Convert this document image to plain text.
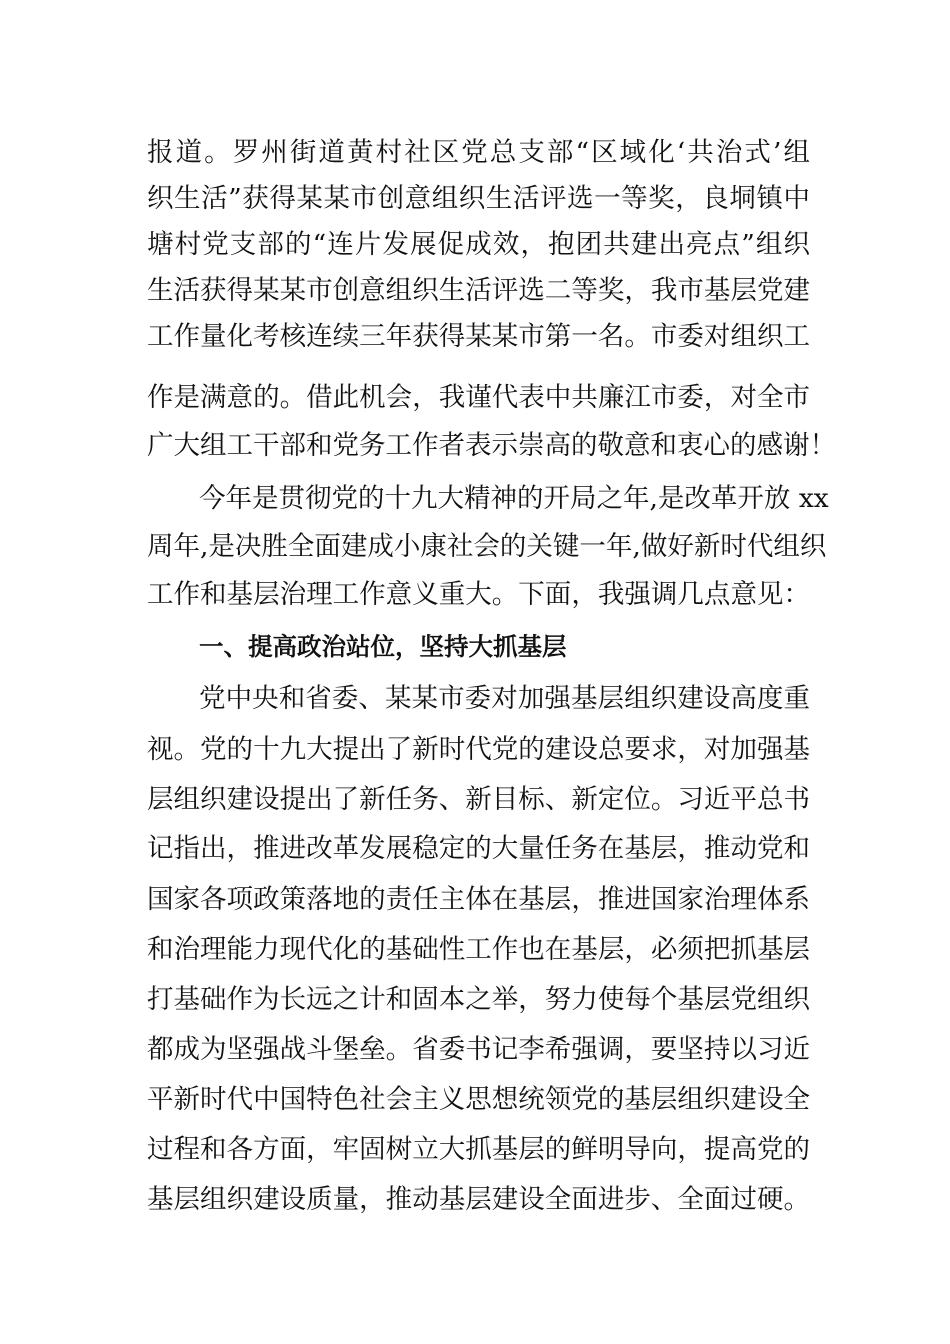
报道。罗州街道黄村社区党总支部“区域化‘共治式’组

织生活”获得某某市创意组织生活评选一等奖，良垌镇中

塘村党支部的“连片发展促成效，抱团共建出亮点”组织

生活获得某某市创意组织生活评选二等奖，我市基层党建

工作量化考核连续三年获得某某市第一名。市委对组织工

作是满意的。借此机会，我谨代表中共廉江市委，对全市

广大组工干部和党务工作者表示崇高的敬意和衷心的感谢！

今年是贯彻党的十九大精神的开局之年,是改革开放 xx

周年,是决胜全面建成小康社会的关键一年,做好新时代组织

工作和基层治理工作意义重大。下面，我强调几点意见：

一、提高政治站位，坚持大抓基层

党中央和省委、某某市委对加强基层组织建设高度重

视。党的十九大提出了新时代党的建设总要求，对加强基

层组织建设提出了新任务、新目标、新定位。习近平总书

记指出，推进改革发展稳定的大量任务在基层，推动党和

国家各项政策落地的责任主体在基层，推进国家治理体系

和治理能力现代化的基础性工作也在基层，必须把抓基层

打基础作为长远之计和固本之举，努力使每个基层党组织

都成为坚强战斗堡垒。省委书记李希强调，要坚持以习近

平新时代中国特色社会主义思想统领党的基层组织建设全

过程和各方面，牢固树立大抓基层的鲜明导向，提高党的

基层组织建设质量，推动基层建设全面进步、全面过硬。
